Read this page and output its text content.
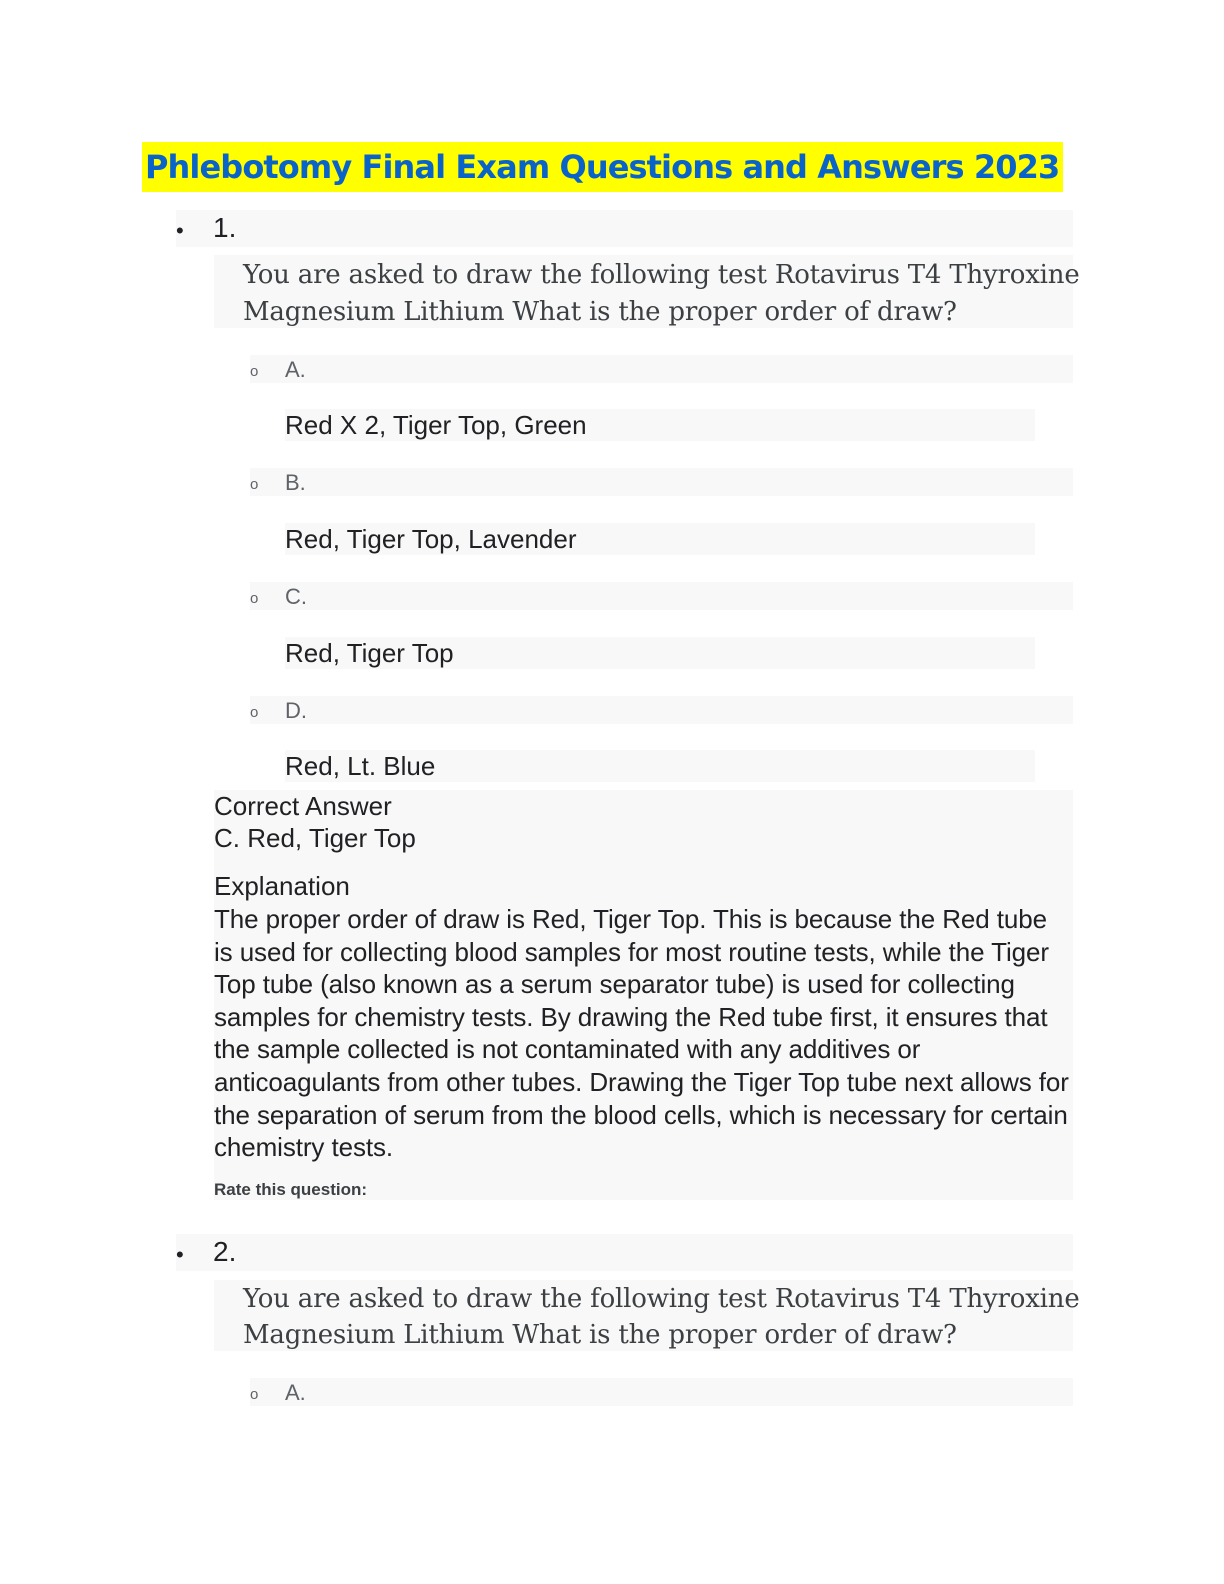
Phlebotomy Final Exam Questions and Answers 2023
• 1.
You are asked to draw the following test Rotavirus T4 Thyroxine
Magnesium Lithium What is the proper order of draw?
o A.
Red X 2, Tiger Top, Green
o B.
Red, Tiger Top, Lavender
o C.
Red, Tiger Top
o D.
Red, Lt. Blue
Correct Answer
C. Red, Tiger Top
Explanation
The proper order of draw is Red, Tiger Top. This is because the Red tube is used for collecting blood samples for most routine tests, while the Tiger Top tube (also known as a serum separator tube) is used for collecting samples for chemistry tests. By drawing the Red tube first, it ensures that the sample collected is not contaminated with any additives or anticoagulants from other tubes. Drawing the Tiger Top tube next allows for the separation of serum from the blood cells, which is necessary for certain chemistry tests.
Rate this question:
• 2.
You are asked to draw the following test Rotavirus T4 Thyroxine
Magnesium Lithium What is the proper order of draw?
o A.
